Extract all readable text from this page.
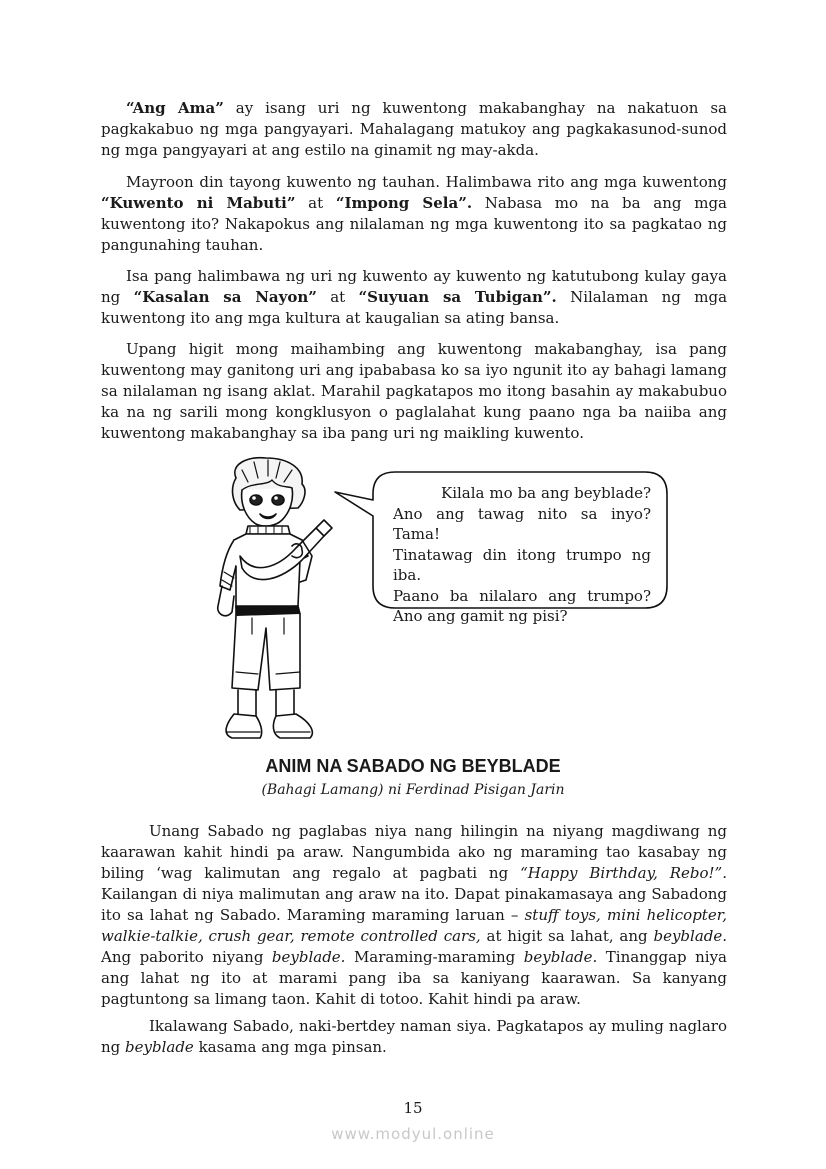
“Ang Ama” ay isang uri ng kuwentong makabanghay na nakatuon sa pagkakabuo ng mga pangyayari. Mahalagang matukoy ang pagkakasunod-sunod ng mga pangyayari at ang estilo na ginamit ng may-akda.

Mayroon din tayong kuwento ng tauhan. Halimbawa rito ang mga kuwentong “Kuwento ni Mabuti” at “Impong Sela”. Nabasa mo na ba ang mga kuwentong ito? Nakapokus ang nilalaman ng mga kuwentong ito sa pagkatao ng pangunahing tauhan.

Isa pang halimbawa ng uri ng kuwento ay kuwento ng katutubong kulay gaya ng “Kasalan sa Nayon” at “Suyuan sa Tubigan”. Nilalaman ng mga kuwentong ito ang mga kultura at kaugalian sa ating bansa.

Upang higit mong maihambing ang kuwentong makabanghay, isa pang kuwentong may ganitong uri ang ipababasa ko sa iyo ngunit ito ay bahagi lamang sa nilalaman ng isang aklat. Marahil pagkatapos mo itong basahin ay makabubuo ka na ng sarili mong kongklusyon o paglalahat kung paano nga ba naiiba ang kuwentong makabanghay sa iba pang uri ng maikling kuwento.

Kilala mo ba ang beyblade?
Ano ang tawag nito sa inyo? Tama!
Tinatawag din itong trumpo ng iba.
Paano ba nilalaro ang trumpo?
Ano ang gamit ng pisi?
ANIM NA SABADO NG BEYBLADE
(Bahagi Lamang) ni Ferdinad Pisigan Jarin

Unang Sabado ng paglabas niya nang hilingin na niyang magdiwang ng kaarawan kahit hindi pa araw. Nangumbida ako ng maraming tao kasabay ng biling ‘wag kalimutan ang regalo at pagbati ng “Happy Birthday, Rebo!”. Kailangan di niya malimutan ang araw na ito. Dapat pinakamasaya ang Sabadong ito sa lahat ng Sabado. Maraming maraming laruan – stuff toys, mini helicopter, walkie-talkie, crush gear, remote controlled cars, at higit sa lahat, ang beyblade. Ang paborito niyang beyblade. Maraming-maraming beyblade. Tinanggap niya ang lahat ng ito at marami pang iba sa kaniyang kaarawan. Sa kanyang pagtuntong sa limang taon. Kahit di totoo. Kahit hindi pa araw.

Ikalawang Sabado, naki-bertdey naman siya. Pagkatapos ay muling naglaro ng beyblade kasama ang mga pinsan.

15
www.modyul.online
